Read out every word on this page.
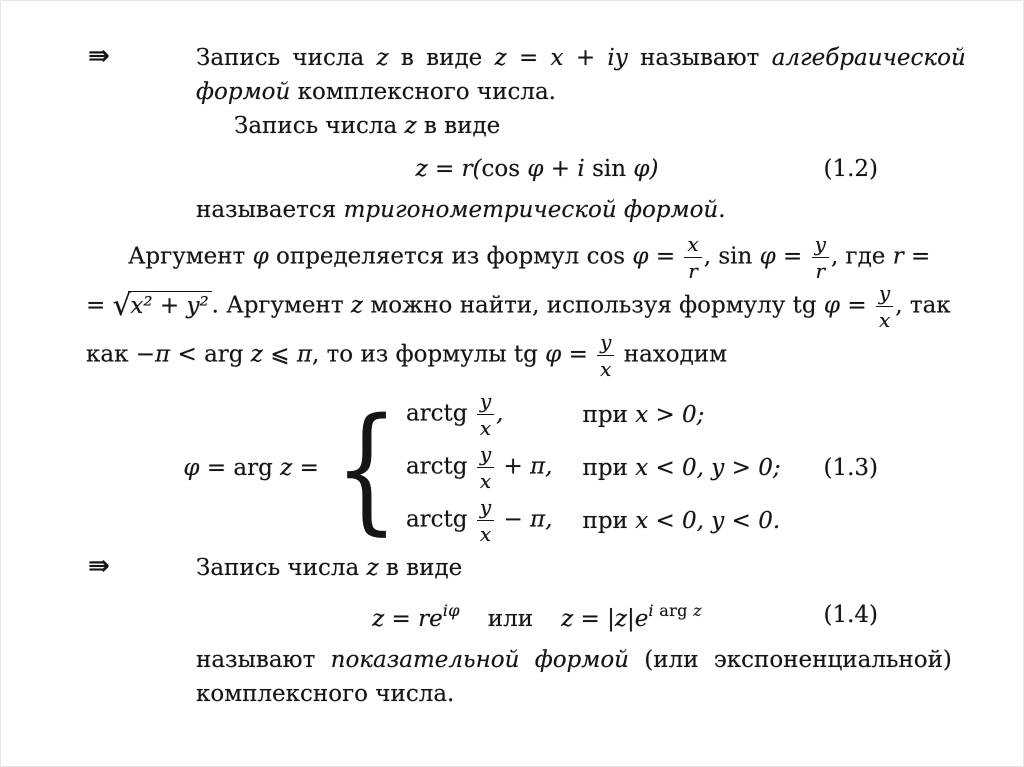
⇛	Запись числа z в виде z = x + iy называют алгебраической
формой комплексного числа.
Запись числа z в виде
z = r(cos φ + i sin φ)	(1.2)
называется тригонометрической формой.
Аргумент φ определяется из формул $\cos \varphi = \frac{x}{r}$ , $\sin \varphi = \frac{y}{r}$ , где r =
= √x² + y² . Аргумент z можно найти, используя формулу tg $\varphi = \frac{y}{x}$ , так
как −π < arg z ⩽ π, то из формулы tg $\varphi = \frac{y}{x}$ находим
φ = arg z = { arctg $\frac{y}{x}$ ,	при x > 0;
arctg $\frac{y}{x} + \pi$, при x < 0, y > 0;
arctg $\frac{y}{x} - \pi$, при x < 0, y < 0.
(1.3)
⇛	Запись числа z в виде
$z = re^{i\varphi}$ или $z = |z|e^{i arg z}$	(1.4)
называют показательной формой (или экспоненциальной)
комплексного числа.
